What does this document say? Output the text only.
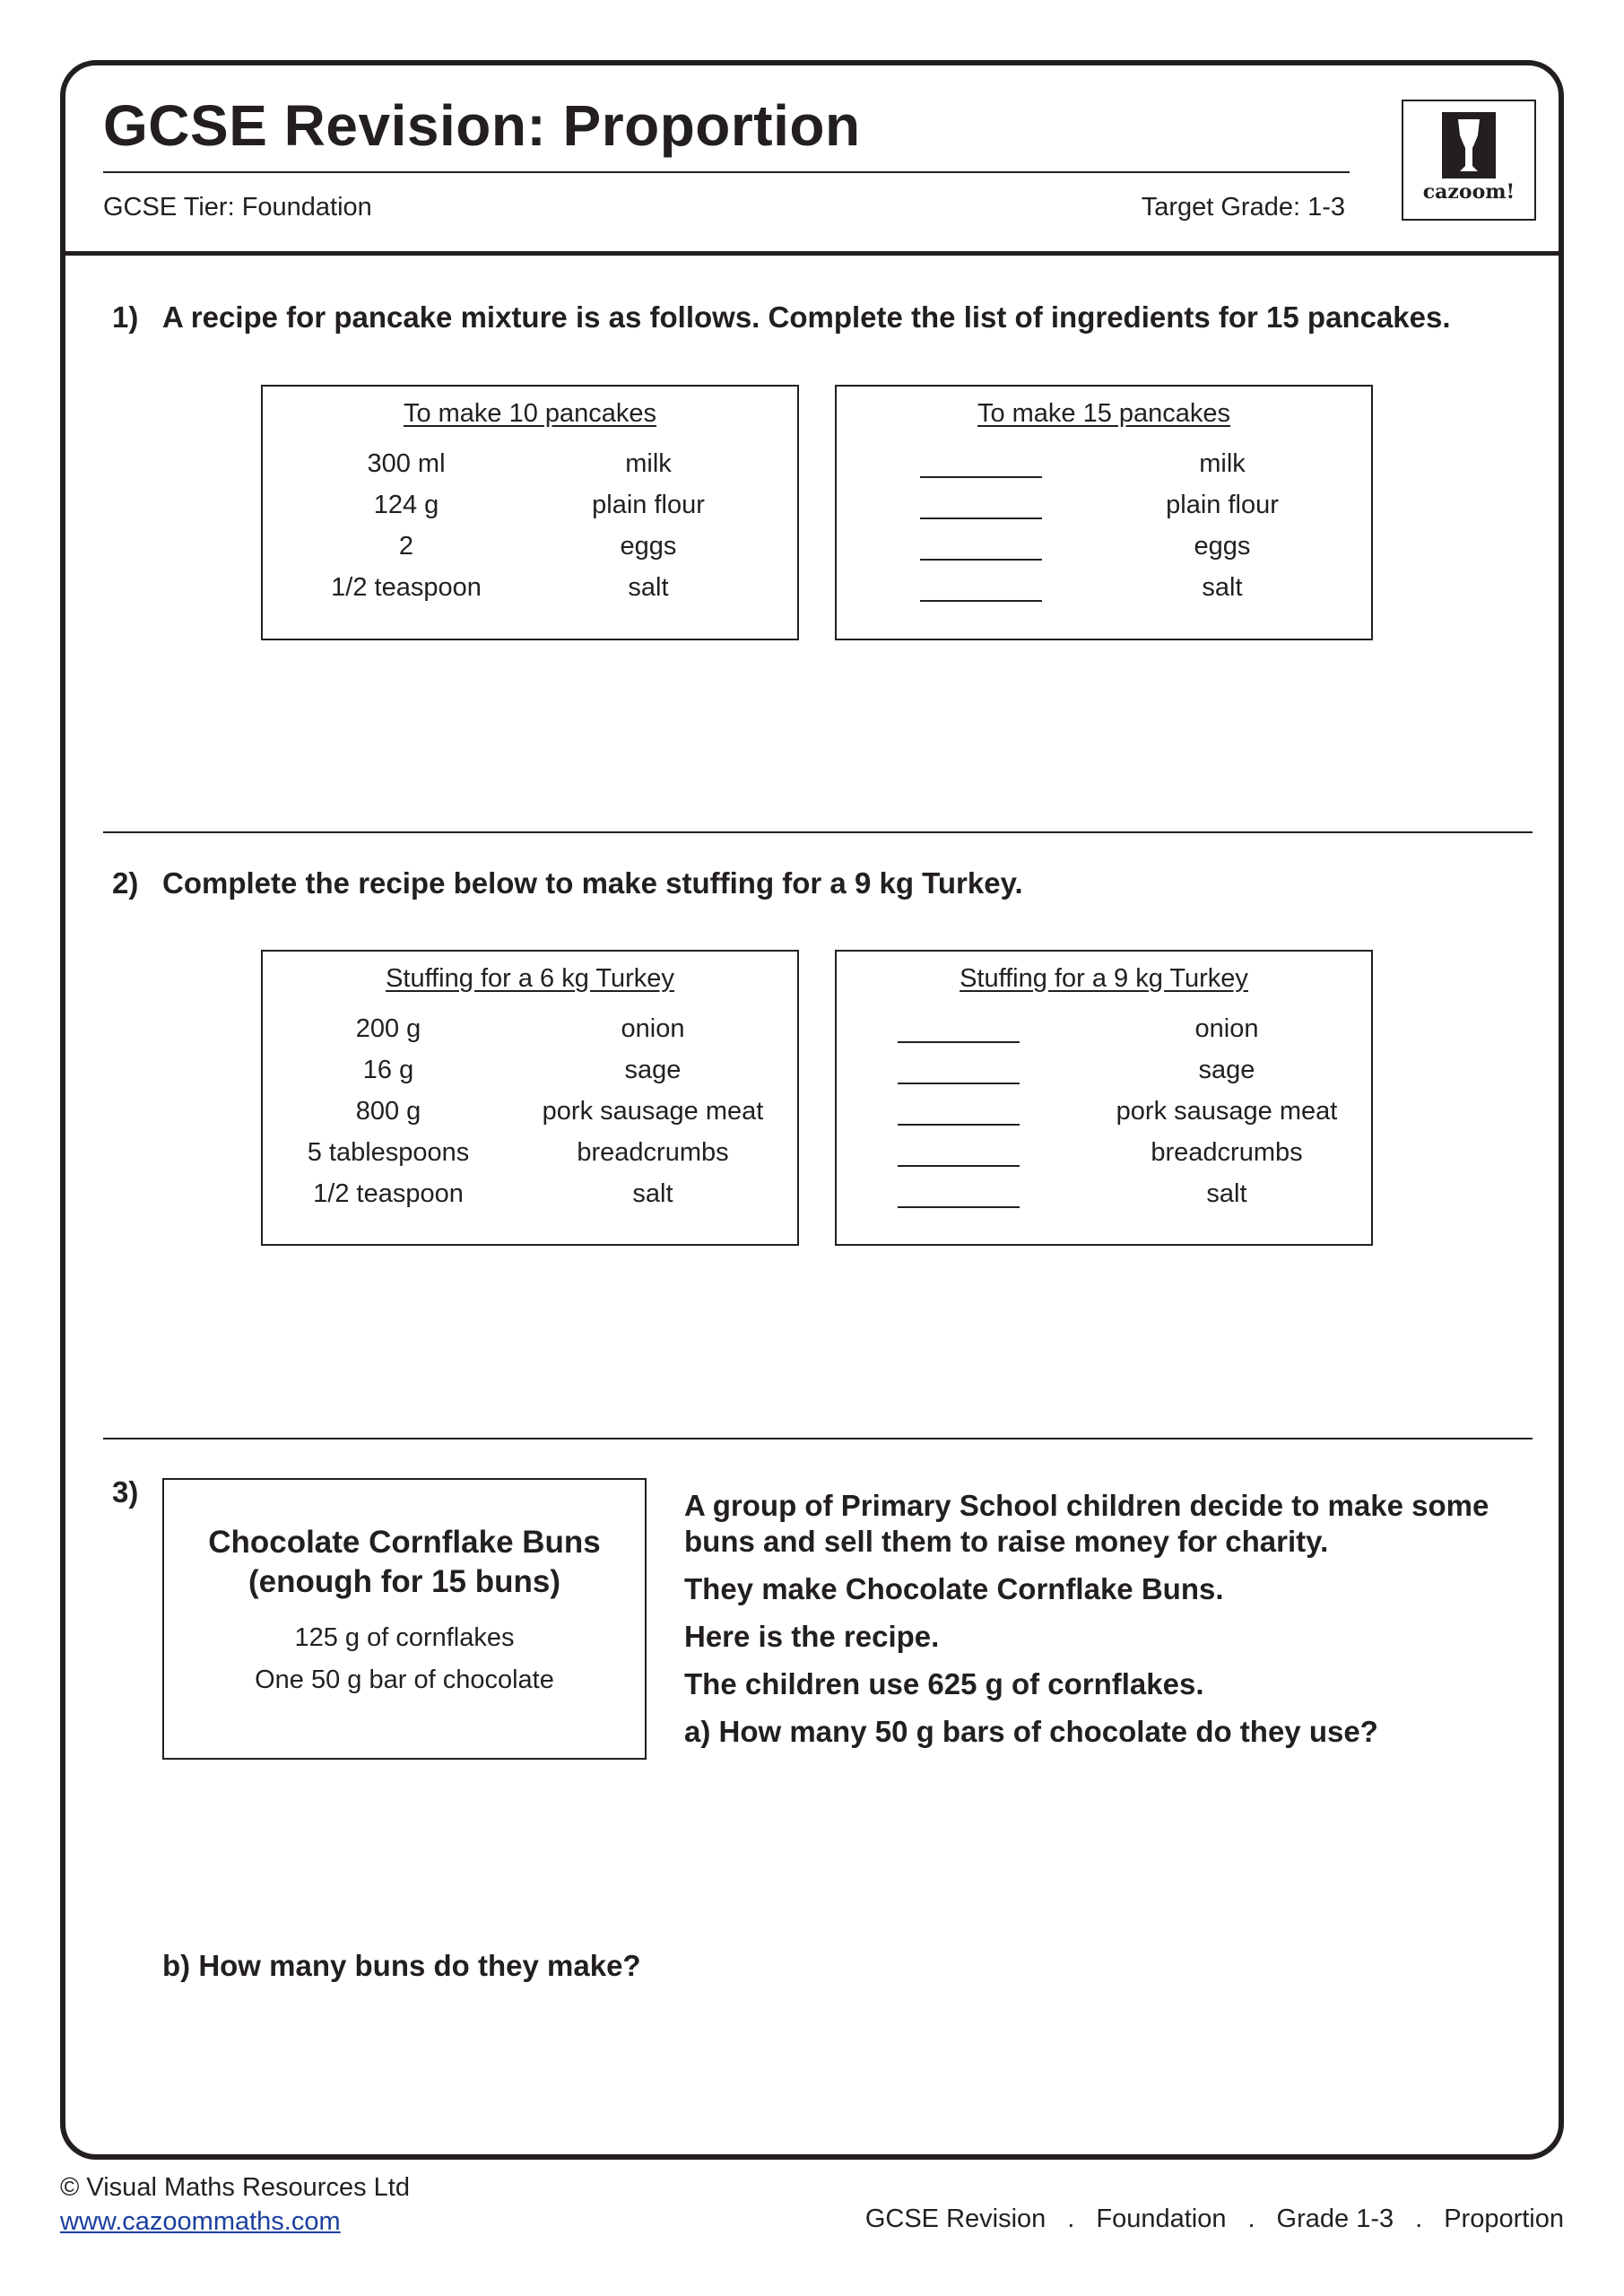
GCSE Revision: Proportion
GCSE Tier: Foundation	Target Grade: 1-3
cazoom!
1) A recipe for pancake mixture is as follows. Complete the list of ingredients for 15 pancakes.
To make 10 pancakes
300 ml	milk
124 g	plain flour
2	eggs
1/2 teaspoon	salt
To make 15 pancakes
milk
plain flour
eggs
salt
2) Complete the recipe below to make stuffing for a 9 kg Turkey.
Stuffing for a 6 kg Turkey
200 g	onion
16 g	sage
800 g	pork sausage meat
5 tablespoons	breadcrumbs
1/2 teaspoon	salt
Stuffing for a 9 kg Turkey
onion
sage
pork sausage meat
breadcrumbs
salt
3)
Chocolate Cornflake Buns
(enough for 15 buns)
125 g of cornflakes
One 50 g bar of chocolate

A group of Primary School children decide to make some buns and sell them to raise money for charity.

They make Chocolate Cornflake Buns.

Here is the recipe.

The children use 625 g of cornflakes.

a) How many 50 g bars of chocolate do they use?

b) How many buns do they make?
© Visual Maths Resources Ltd
www.cazoommaths.com	GCSE Revision . Foundation . Grade 1-3 . Proportion
